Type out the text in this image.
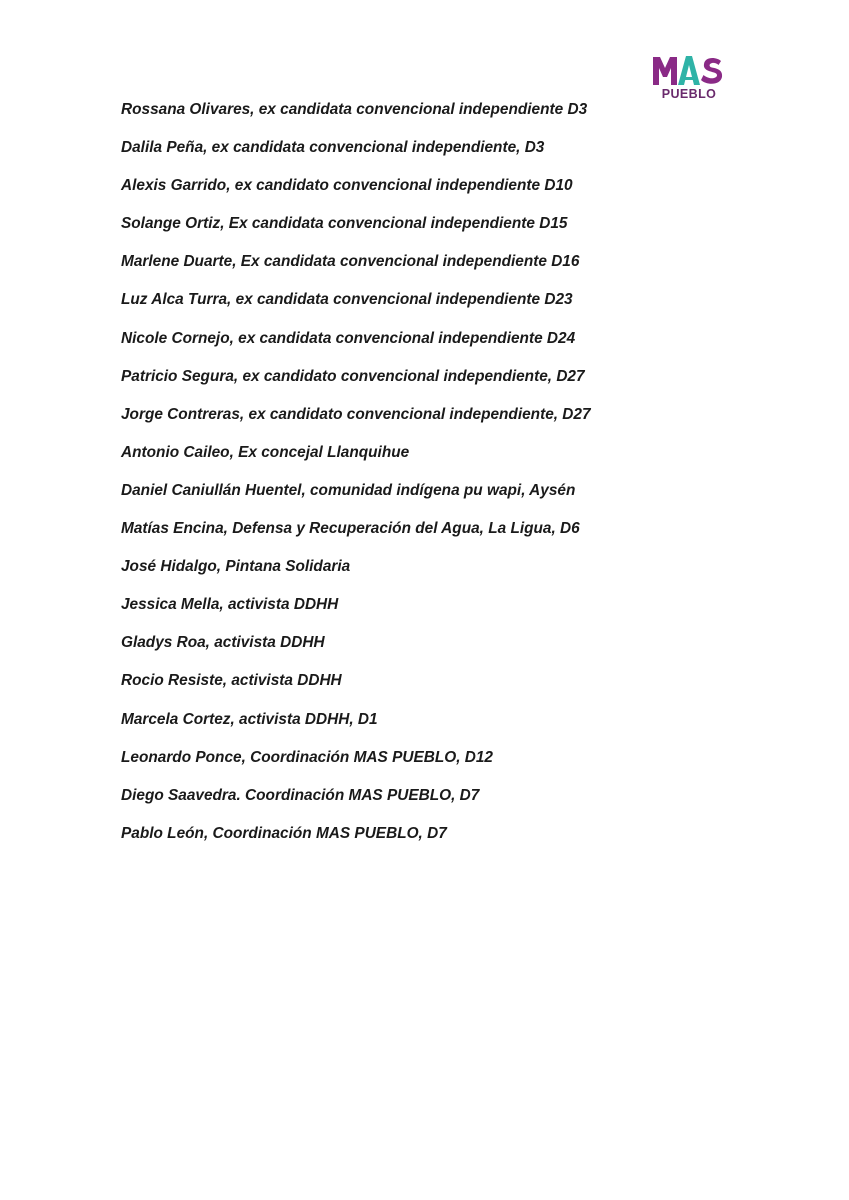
PUEBLO
Rossana Olivares, ex candidata convencional independiente D3
Dalila Peña, ex candidata convencional independiente, D3
Alexis Garrido, ex candidato convencional independiente D10
Solange Ortiz, Ex candidata convencional independiente D15
Marlene Duarte, Ex candidata convencional independiente D16
Luz Alca Turra, ex candidata convencional independiente D23
Nicole Cornejo, ex candidata convencional independiente D24
Patricio Segura, ex candidato convencional independiente, D27
Jorge Contreras, ex candidato convencional independiente, D27
Antonio Caileo, Ex concejal Llanquihue
Daniel Caniullán Huentel, comunidad indígena pu wapi, Aysén
Matías Encina, Defensa y Recuperación del Agua, La Ligua, D6
José Hidalgo, Pintana Solidaria
Jessica Mella, activista DDHH
Gladys Roa, activista DDHH
Rocio Resiste, activista DDHH
Marcela Cortez, activista DDHH, D1
Leonardo Ponce, Coordinación MAS PUEBLO, D12
Diego Saavedra. Coordinación MAS PUEBLO, D7
Pablo León, Coordinación MAS PUEBLO, D7
